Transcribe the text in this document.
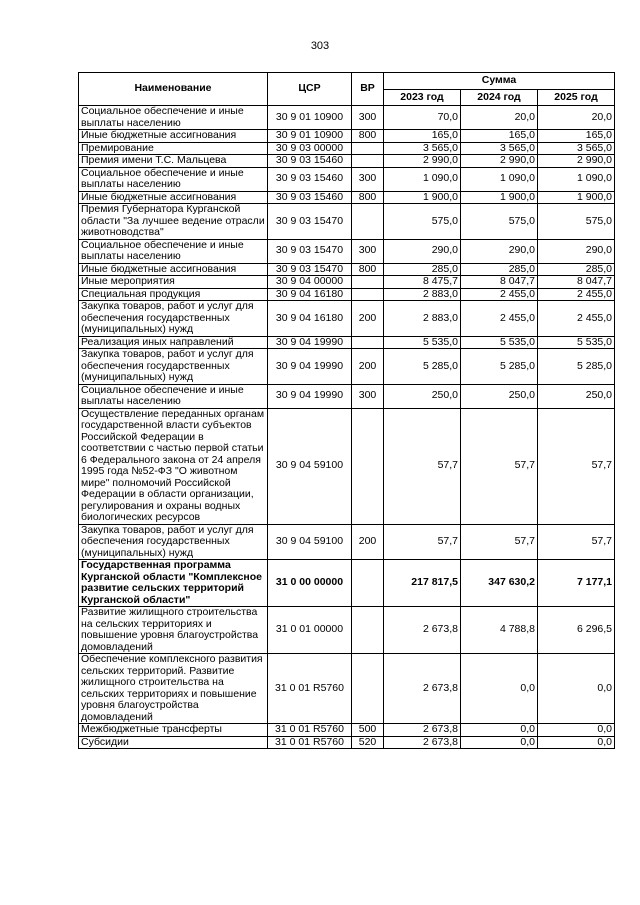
303
Наименование	ЦСР	ВР	Сумма		
			2023 год	2024 год	2025 год
Социальное обеспечение и иные выплаты населению	30 9 01 10900	300	70,0	20,0	20,0
Иные бюджетные ассигнования	30 9 01 10900	800	165,0	165,0	165,0
Премирование	30 9 03 00000		3 565,0	3 565,0	3 565,0
Премия имени Т.С. Мальцева	30 9 03 15460		2 990,0	2 990,0	2 990,0
Социальное обеспечение и иные выплаты населению	30 9 03 15460	300	1 090,0	1 090,0	1 090,0
Иные бюджетные ассигнования	30 9 03 15460	800	1 900,0	1 900,0	1 900,0
Премия Губернатора Курганской области "За лучшее ведение отрасли животноводства"	30 9 03 15470		575,0	575,0	575,0
Социальное обеспечение и иные выплаты населению	30 9 03 15470	300	290,0	290,0	290,0
Иные бюджетные ассигнования	30 9 03 15470	800	285,0	285,0	285,0
Иные мероприятия	30 9 04 00000		8 475,7	8 047,7	8 047,7
Специальная продукция	30 9 04 16180		2 883,0	2 455,0	2 455,0
Закупка товаров, работ и услуг для обеспечения государственных (муниципальных) нужд	30 9 04 16180	200	2 883,0	2 455,0	2 455,0
Реализация иных направлений	30 9 04 19990		5 535,0	5 535,0	5 535,0
Закупка товаров, работ и услуг для обеспечения государственных (муниципальных) нужд	30 9 04 19990	200	5 285,0	5 285,0	5 285,0
Социальное обеспечение и иные выплаты населению	30 9 04 19990	300	250,0	250,0	250,0
Осуществление переданных органам государственной власти субъектов Российской Федерации в соответствии с частью первой статьи 6 Федерального закона от 24 апреля 1995 года №52-ФЗ "О животном мире" полномочий Российской Федерации в области организации, регулирования и охраны водных биологических ресурсов	30 9 04 59100		57,7	57,7	57,7
Закупка товаров, работ и услуг для обеспечения государственных (муниципальных) нужд	30 9 04 59100	200	57,7	57,7	57,7
Государственная программа Курганской области "Комплексное развитие сельских территорий Курганской области"	31 0 00 00000		217 817,5	347 630,2	7 177,1
Развитие жилищного строительства на сельских территориях и повышение уровня благоустройства домовладений	31 0 01 00000		2 673,8	4 788,8	6 296,5
Обеспечение комплексного развития сельских территорий. Развитие жилищного строительства на сельских территориях и повышение уровня благоустройства домовладений	31 0 01 R5760		2 673,8	0,0	0,0
Межбюджетные трансферты	31 0 01 R5760	500	2 673,8	0,0	0,0
Субсидии	31 0 01 R5760	520	2 673,8	0,0	0,0
